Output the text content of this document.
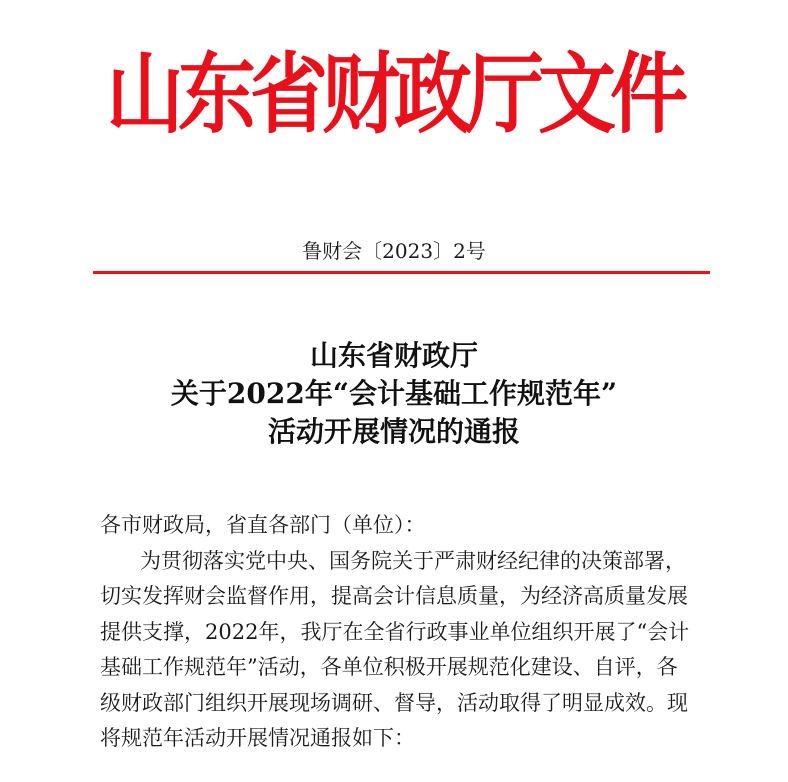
山东省财政厅文件
鲁财会〔2023〕2号
山东省财政厅
关于2022年“会计基础工作规范年”
活动开展情况的通报
各市财政局，省直各部门（单位）：
为贯彻落实党中央、国务院关于严肃财经纪律的决策部署，
切实发挥财会监督作用，提高会计信息质量，为经济高质量发展
提供支撑，2022年，我厅在全省行政事业单位组织开展了“会计
基础工作规范年”活动，各单位积极开展规范化建设、自评，各
级财政部门组织开展现场调研、督导，活动取得了明显成效。现
将规范年活动开展情况通报如下：
